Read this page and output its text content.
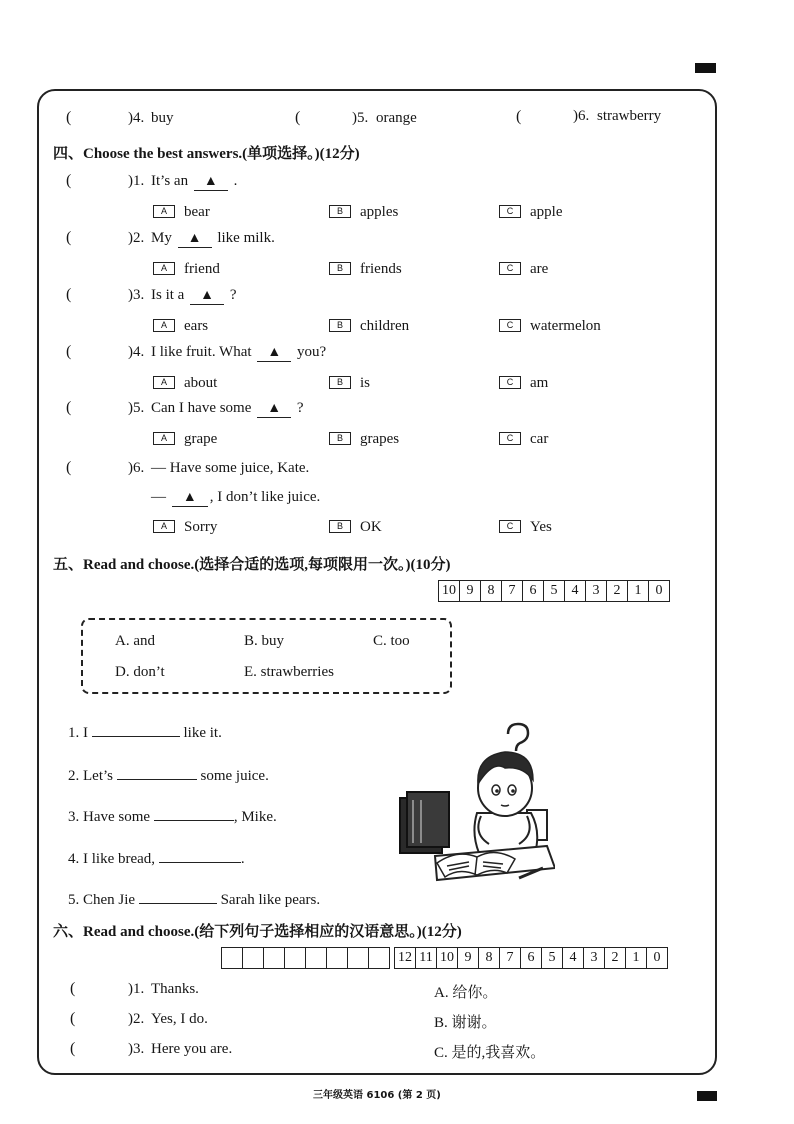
(	)4. buy	(	)5. orange	(	)6. strawberry
四、Choose the best answers.(单项选择。)(12分)
(	)1. It’s an ▲ .
A bear	B apples	C apple
(	)2. My ▲ like milk.
A friend	B friends	C are
(	)3. Is it a ▲ ?
A ears	B children	C watermelon
(	)4. I like fruit. What ▲ you?
A about	B is	C am
(	)5. Can I have some ▲ ?
A grape	B grapes	C car
(	)6. — Have some juice, Kate.
— ▲ , I don’t like juice.
A Sorry	B OK	C Yes
五、Read and choose.(选择合适的选项,每项限用一次。)(10分)
10 9	8	7	6	5	4	3	2	1	0
A. and	B. buy	C. too
D. don’t	E. strawberries
1. I	like it.
2. Let’s	some juice.
3. Have some	, Mike.
4. I like bread,	.
5. Chen Jie	Sarah like pears.
六、Read and choose.(给下列句子选择相应的汉语意思。)(12分)
12 11 10 9	8	7	6	5	4	3	2	1	0
(	)1. Thanks.	A. 给你。
(	)2. Yes, I do.	B. 谢谢。
(	)3. Here you are.	C. 是的,我喜欢。
三年级英语 6106 (第 2 页)
